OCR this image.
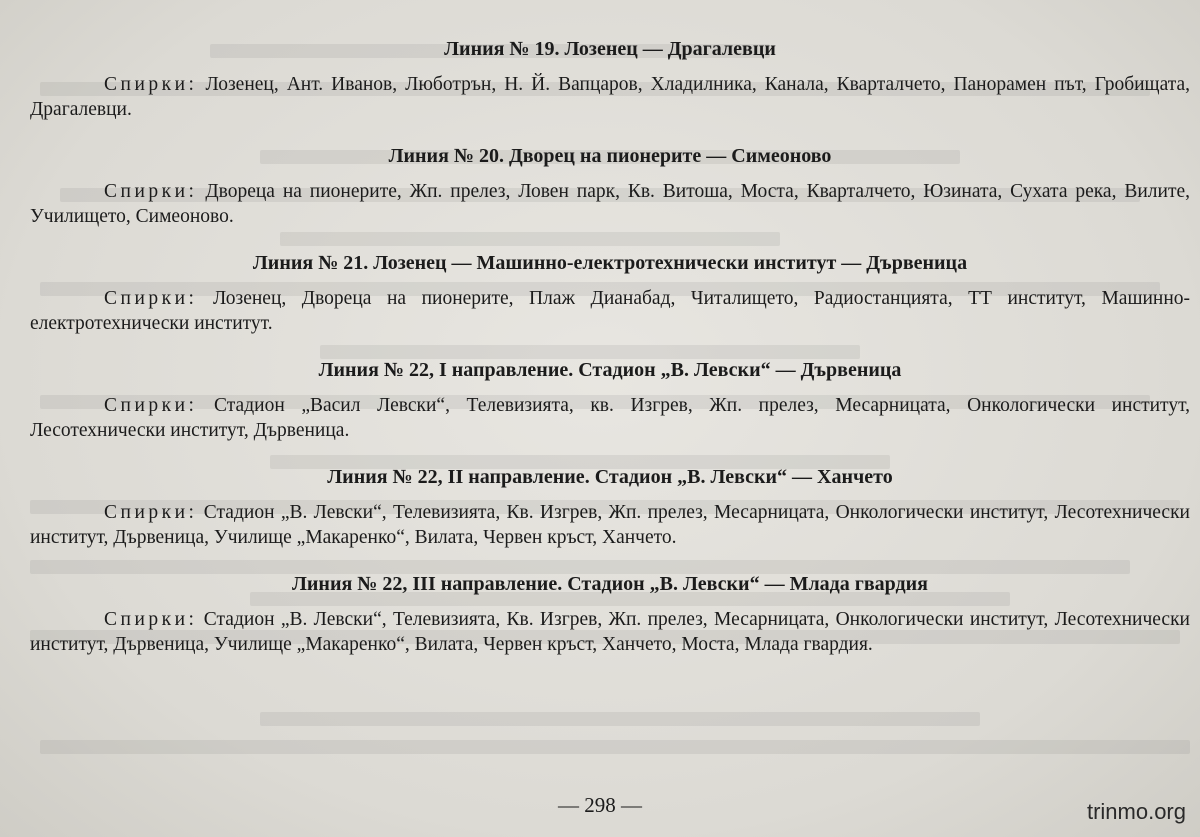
Линия № 19. Лозенец — Драгалевци

Спирки: Лозенец, Ант. Иванов, Люботрън, Н. Й. Вапцаров, Хладилника, Канала, Кварталчето, Панорамен път, Гробищата, Драгалевци.

Линия № 20. Дворец на пионерите — Симеоново

Спирки: Двореца на пионерите, Жп. прелез, Ловен парк, Кв. Витоша, Моста, Кварталчето, Юзината, Сухата река, Вилите, Училището, Симеоново.

Линия № 21. Лозенец — Машинно-електротехнически институт — Дървеница

Спирки: Лозенец, Двореца на пионерите, Плаж Дианабад, Читалището, Радиостанцията, ТТ институт, Машинно-електротехнически институт.

Линия № 22, I направление. Стадион „В. Левски“ — Дървеница

Спирки: Стадион „Васил Левски“, Телевизията, кв. Изгрев, Жп. прелез, Месарницата, Онкологически институт, Лесотехнически институт, Дървеница.

Линия № 22, II направление. Стадион „В. Левски“ — Ханчето

Спирки: Стадион „В. Левски“, Телевизията, Кв. Изгрев, Жп. прелез, Месарницата, Онкологически институт, Лесотехнически институт, Дървеница, Училище „Макаренко“, Вилата, Червен кръст, Ханчето.

Линия № 22, III направление. Стадион „В. Левски“ — Млада гвардия

Спирки: Стадион „В. Левски“, Телевизията, Кв. Изгрев, Жп. прелез, Месарницата, Онкологически институт, Лесотехнически институт, Дървеница, Училище „Макаренко“, Вилата, Червен кръст, Ханчето, Моста, Млада гвардия.

— 298 —	trinmo.org
